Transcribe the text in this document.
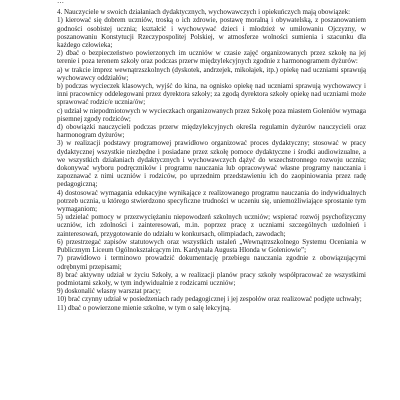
…

4. Nauczyciele w swoich działaniach dydaktycznych, wychowawczych i opiekuńczych mają obowiązek:

1) kierować się dobrem uczniów, troską o ich zdrowie, postawę moralną i obywatelską, z poszanowaniem godności osobistej ucznia; kształcić i wychowywać dzieci i młodzież w umiłowaniu Ojczyzny, w poszanowaniu Konstytucji Rzeczypospolitej Polskiej, w atmosferze wolności sumienia i szacunku dla każdego człowieka;

2) dbać o bezpieczeństwo powierzonych im uczniów w czasie zajęć organizowanych przez szkołę na jej terenie i poza terenem szkoły oraz podczas przerw międzylekcyjnych zgodnie z harmonogramem dyżurów:

a) w trakcie imprez wewnątrzszkolnych (dyskotek, andrzejek, mikołajek, itp.) opiekę nad uczniami sprawują wychowawcy oddziałów;

b) podczas wycieczek klasowych, wyjść do kina, na ognisko opiekę nad uczniami sprawują wychowawcy i inni pracownicy oddelegowani przez dyrektora szkoły; za zgodą dyrektora szkoły opiekę nad uczniami może sprawować rodzic/e ucznia/ów;

c) udział w niepodmiotowych w wycieczkach organizowanych przez Szkołę poza miastem Goleniów wymaga pisemnej zgody rodziców;

d) obowiązki nauczycieli podczas przerw międzylekcyjnych określa regulamin dyżurów nauczycieli oraz harmonogram dyżurów;

3) w realizacji podstawy programowej prawidłowo organizować proces dydaktyczny; stosować w pracy dydaktycznej wszystkie niezbędne i posiadane przez szkołę pomoce dydaktyczne i środki audiowizualne, a we wszystkich działaniach dydaktycznych i wychowawczych dążyć do wszechstronnego rozwoju ucznia; dokonywać wyboru podręczników i programu nauczania lub opracowywać własne programy nauczania i zapoznawać z nimi uczniów i rodziców, po uprzednim przedstawieniu ich do zaopiniowania przez radę pedagogiczną;

4) dostosować wymagania edukacyjne wynikające z realizowanego programu nauczania do indywidualnych potrzeb ucznia, u którego stwierdzono specyficzne trudności w uczeniu się, uniemożliwiające sprostanie tym wymaganiom;

5) udzielać pomocy w przezwyciężaniu niepowodzeń szkolnych uczniów; wspierać rozwój psychofizyczny uczniów, ich zdolności i zainteresowań, m.in. poprzez pracę z uczniami szczególnych uzdolnień i zainteresowań, przygotowanie do udziału w konkursach, olimpiadach, zawodach;

6) przestrzegać zapisów statutowych oraz wszystkich ustaleń „Wewnątrzszkolnego Systemu Oceniania w Publicznym Liceum Ogólnokształcącym im. Kardynała Augusta Hlonda w Goleniowie”;

7) prawidłowo i terminowo prowadzić dokumentację przebiegu nauczania zgodnie z obowiązującymi odrębnymi przepisami;

8) brać aktywny udział w życiu Szkoły, a w realizacji planów pracy szkoły współpracować ze wszystkimi podmiotami szkoły, w tym indywidualnie z rodzicami uczniów;

9) doskonalić własny warsztat pracy;

10) brać czynny udział w posiedzeniach rady pedagogicznej i jej zespołów oraz realizować podjęte uchwały;

11) dbać o powierzone mienie szkolne, w tym o salę lekcyjną.
